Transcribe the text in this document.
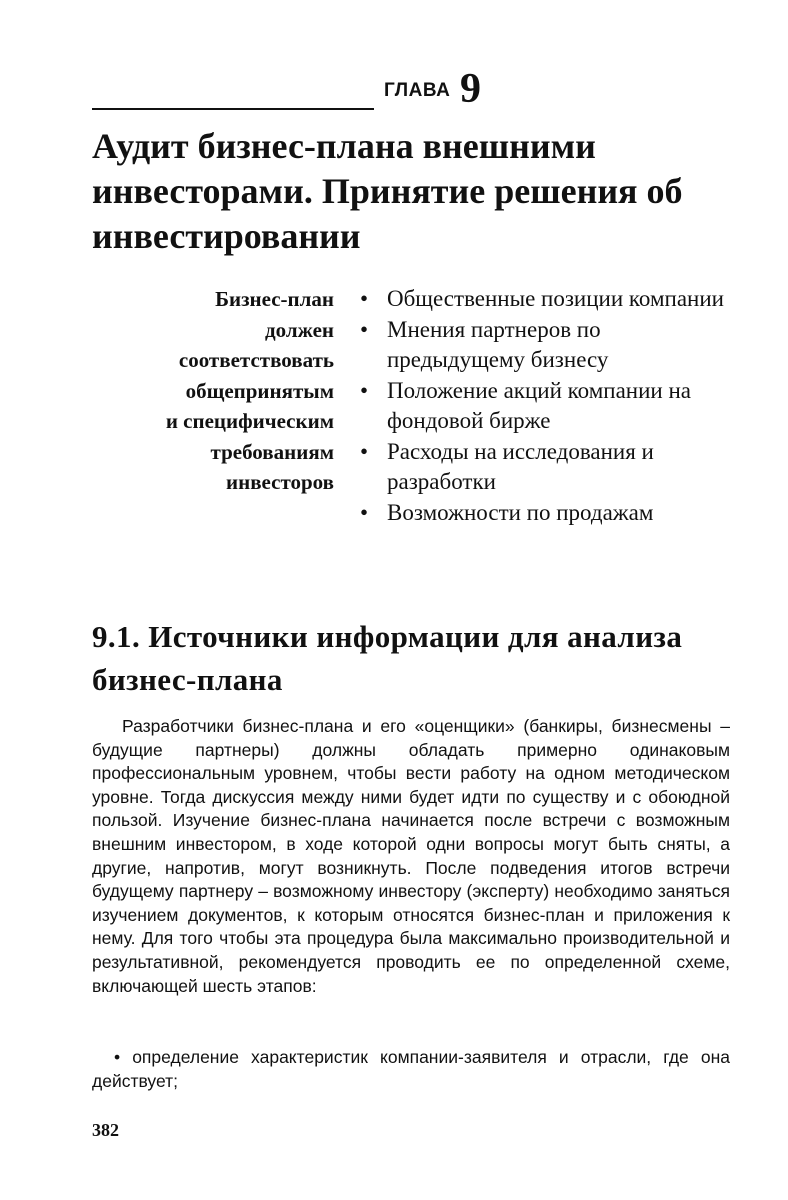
ГЛАВА 9
Аудит бизнес-плана внешними инвесторами. Принятие решения об инвестировании
Бизнес-план
должен
соответствовать
общепринятым
и специфическим
требованиям
инвесторов
• Общественные позиции компании
• Мнения партнеров по предыдущему бизнесу
• Положение акций компании на фондовой бирже
• Расходы на исследования и разработки
• Возможности по продажам
9.1. Источники информации для анализа бизнес-плана

Разработчики бизнес-плана и его «оценщики» (банкиры, бизнесмены – будущие партнеры) должны обладать примерно одинаковым профессиональным уровнем, чтобы вести работу на одном методическом уровне. Тогда дискуссия между ними будет идти по существу и с обоюдной пользой. Изучение бизнес-плана начинается после встречи с возможным внешним инвестором, в ходе которой одни вопросы могут быть сняты, а другие, напротив, могут возникнуть. После подведения итогов встречи будущему партнеру – возможному инвестору (эксперту) необходимо заняться изучением документов, к которым относятся бизнес-план и приложения к нему. Для того чтобы эта процедура была максимально производительной и результативной, рекомендуется проводить ее по определенной схеме, включающей шесть этапов:

• определение характеристик компании-заявителя и отрасли, где она действует;

382
